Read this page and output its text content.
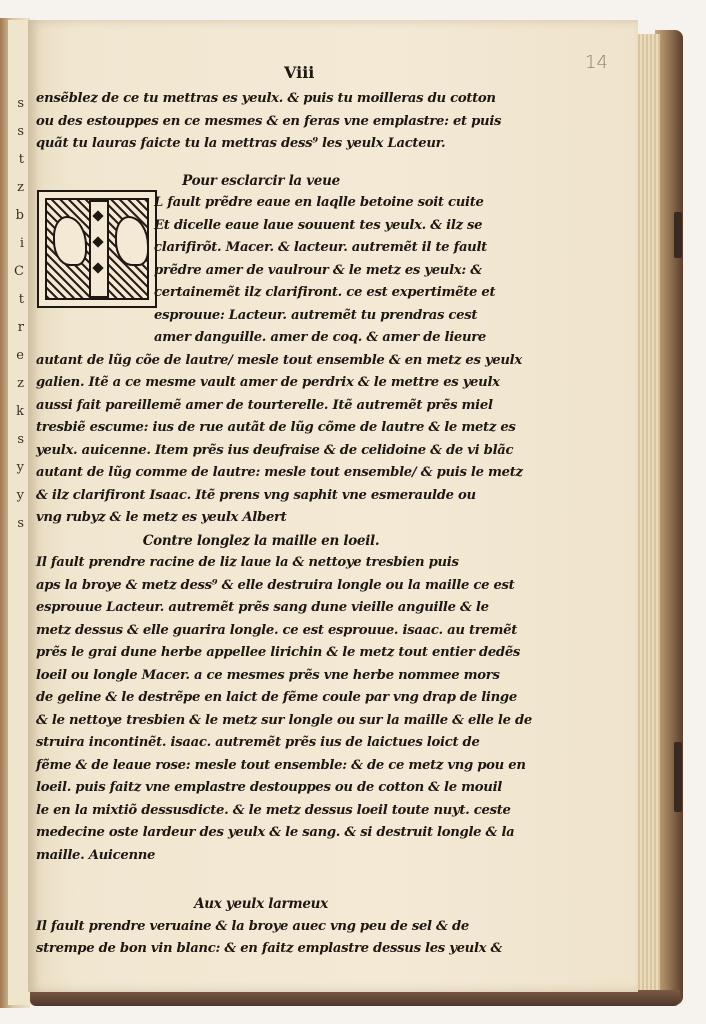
s
s
t
z
b
i
C
t
r
e
z
k
s
y
y
s
14
Viii
ensẽblez de ce tu mettras es yeulx. & puis tu moilleras du cotton
ou des estouppes en ce mesmes & en feras vne emplastre: et puis
quãt tu lauras faicte tu la mettras dess⁹ les yeulx Lacteur.
Pour esclarcir la veue
L fault prẽdre eaue en laqlle betoine soit cuite
Et dicelle eaue laue souuent tes yeulx. & ilz se
clarifirõt. Macer. & lacteur. autremẽt il te fault
prẽdre amer de vaulrour & le metz es yeulx: &
certainemẽt ilz clarifiront. ce est expertimẽte et
esprouue: Lacteur. autremẽt tu prendras cest
amer danguille. amer de coq. & amer de lieure
autant de lũg cõe de lautre/ mesle tout ensemble & en metz es yeulx
galien. Itẽ a ce mesme vault amer de perdrix & le mettre es yeulx
aussi fait pareillemẽ amer de tourterelle. Itẽ autremẽt prẽs miel
tresbiẽ escume: ius de rue autãt de lũg cõme de lautre & le metz es
yeulx. auicenne. Item prẽs ius deufraise & de celidoine & de vi blãc
autant de lũg comme de lautre: mesle tout ensemble/ & puis le metz
& ilz clarifiront Isaac. Itẽ prens vng saphit vne esmeraulde ou
vng rubyz & le metz es yeulx Albert
Contre longlez la maille en loeil.
Il fault prendre racine de liz laue la & nettoye tresbien puis
aps la broye & metz dess⁹ & elle destruira longle ou la maille ce est
esprouue Lacteur. autremẽt prẽs sang dune vieille anguille & le
metz dessus & elle guarira longle. ce est esprouue. isaac. au tremẽt
prẽs le grai dune herbe appellee lirichin & le metz tout entier dedẽs
loeil ou longle Macer. a ce mesmes prẽs vne herbe nommee mors
de geline & le destrẽpe en laict de fẽme coule par vng drap de linge
& le nettoye tresbien & le metz sur longle ou sur la maille & elle le de
struira incontinẽt. isaac. autremẽt prẽs ius de laictues loict de
fẽme & de leaue rose: mesle tout ensemble: & de ce metz vng pou en
loeil. puis faitz vne emplastre destouppes ou de cotton & le mouil
le en la mixtiõ dessusdicte. & le metz dessus loeil toute nuyt. ceste
medecine oste lardeur des yeulx & le sang. & si destruit longle & la
maille. Auicenne
Aux yeulx larmeux
Il fault prendre veruaine & la broye auec vng peu de sel & de
strempe de bon vin blanc: & en faitz emplastre dessus les yeulx &
